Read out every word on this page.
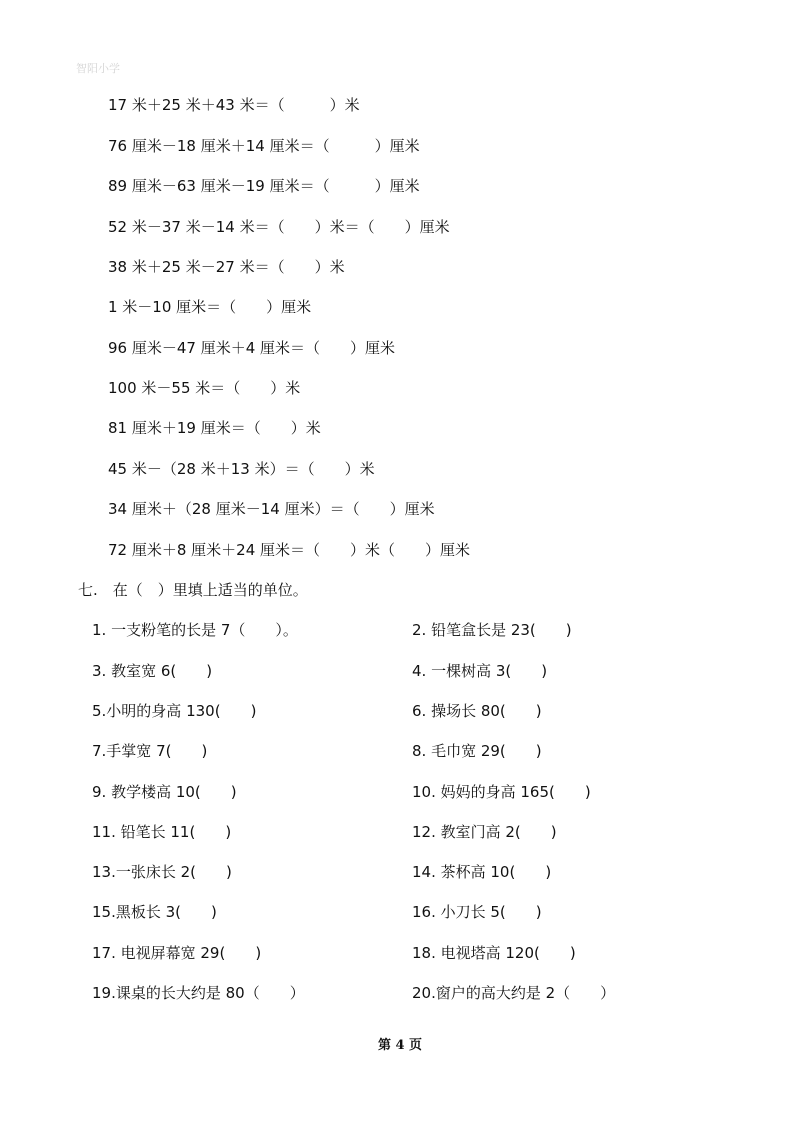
智阳小学
17 米＋25 米＋43 米＝（　　　）米
76 厘米－18 厘米＋14 厘米＝（　　　）厘米
89 厘米－63 厘米－19 厘米＝（　　　）厘米
52 米－37 米－14 米＝（　　）米＝（　　）厘米
38 米＋25 米－27 米＝（　　）米
1 米－10 厘米＝（　　）厘米
96 厘米－47 厘米＋4 厘米＝（　　）厘米
100 米－55 米＝（　　）米
81 厘米＋19 厘米＝（　　）米
45 米－（28 米＋13 米）＝（　　）米
34 厘米＋（28 厘米－14 厘米）＝（　　）厘米
72 厘米＋8 厘米＋24 厘米＝（　　）米（　　）厘米
七.　在（　）里填上适当的单位。
1. 一支粉笔的长是 7（　　）。	2. 铅笔盒长是 23(　　)
3. 教室宽 6(　　)	4. 一棵树高 3(　　)
5.小明的身高 130(　　)	6. 操场长 80(　　)
7.手掌宽 7(　　)	8. 毛巾宽 29(　　)
9. 教学楼高 10(　　)	10. 妈妈的身高 165(　　)
11. 铅笔长 11(　　)	12. 教室门高 2(　　)
13.一张床长 2(　　)	14. 茶杯高 10(　　)
15.黑板长 3(　　)	16. 小刀长 5(　　)
17. 电视屏幕宽 29(　　)	18. 电视塔高 120(　　)
19.课桌的长大约是 80（　　）	20.窗户的高大约是 2（　　）
第 4 页
